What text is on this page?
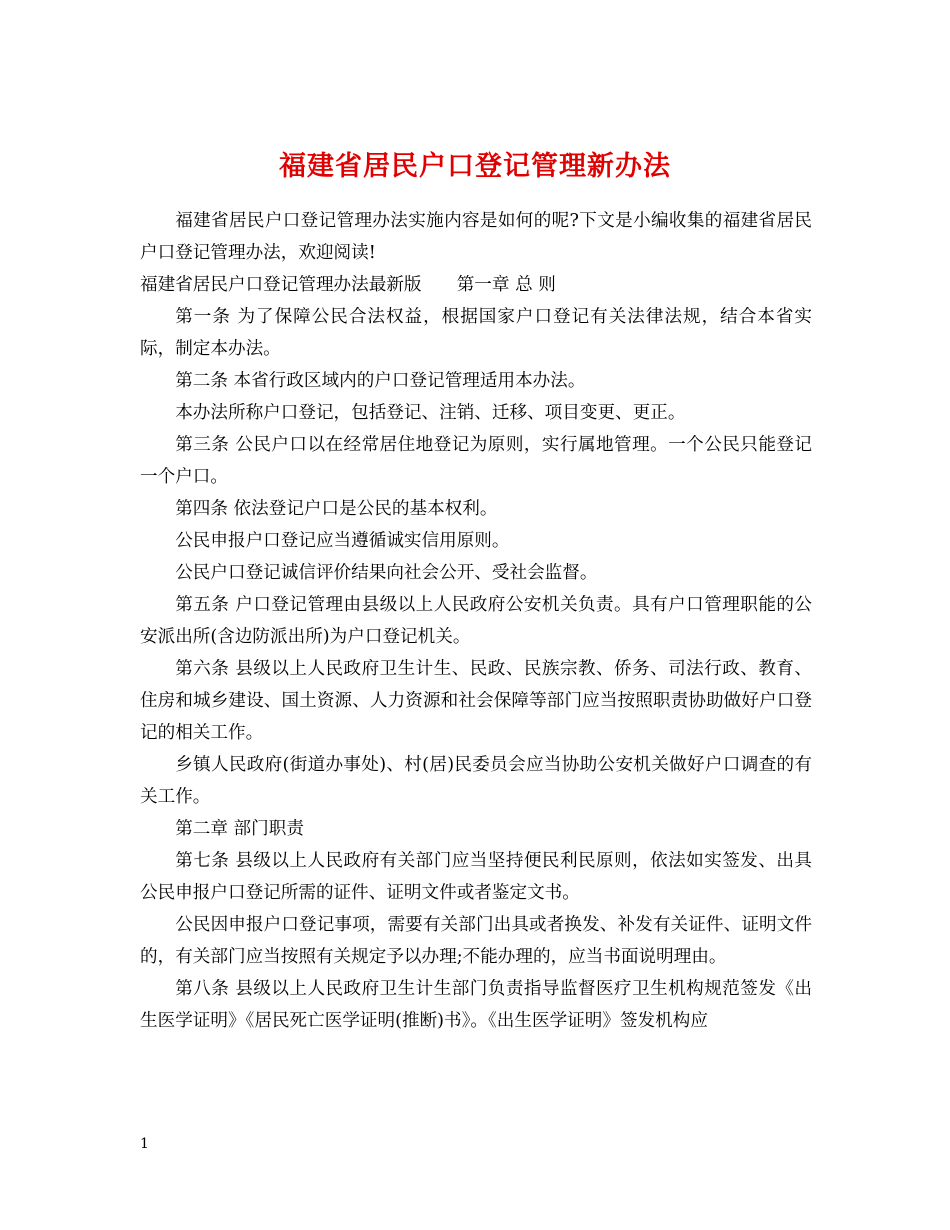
福建省居民户口登记管理新办法

福建省居民户口登记管理办法实施内容是如何的呢?下文是小编收集的福建省居民户口登记管理办法，欢迎阅读!

福建省居民户口登记管理办法最新版　　第一章 总 则

第一条 为了保障公民合法权益，根据国家户口登记有关法律法规，结合本省实际，制定本办法。

第二条 本省行政区域内的户口登记管理适用本办法。

本办法所称户口登记，包括登记、注销、迁移、项目变更、更正。

第三条 公民户口以在经常居住地登记为原则，实行属地管理。一个公民只能登记一个户口。

第四条 依法登记户口是公民的基本权利。

公民申报户口登记应当遵循诚实信用原则。

公民户口登记诚信评价结果向社会公开、受社会监督。

第五条 户口登记管理由县级以上人民政府公安机关负责。具有户口管理职能的公安派出所(含边防派出所)为户口登记机关。

第六条 县级以上人民政府卫生计生、民政、民族宗教、侨务、司法行政、教育、住房和城乡建设、国土资源、人力资源和社会保障等部门应当按照职责协助做好户口登记的相关工作。

乡镇人民政府(街道办事处)、村(居)民委员会应当协助公安机关做好户口调查的有关工作。

第二章 部门职责

第七条 县级以上人民政府有关部门应当坚持便民利民原则，依法如实签发、出具公民申报户口登记所需的证件、证明文件或者鉴定文书。

公民因申报户口登记事项，需要有关部门出具或者换发、补发有关证件、证明文件的，有关部门应当按照有关规定予以办理;不能办理的，应当书面说明理由。

第八条 县级以上人民政府卫生计生部门负责指导监督医疗卫生机构规范签发《出生医学证明》《居民死亡医学证明(推断)书》。《出生医学证明》签发机构应

1
